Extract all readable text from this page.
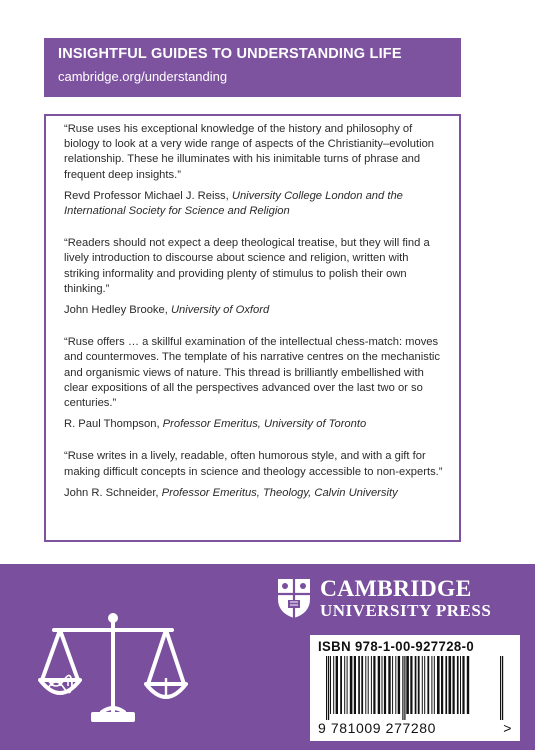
INSIGHTFUL GUIDES TO UNDERSTANDING LIFE
cambridge.org/understanding

“Ruse uses his exceptional knowledge of the history and philosophy of biology to look at a very wide range of aspects of the Christianity–evolution relationship. These he illuminates with his inimitable turns of phrase and frequent deep insights.”

Revd Professor Michael J. Reiss, University College London and the International Society for Science and Religion

“Readers should not expect a deep theological treatise, but they will find a lively introduction to discourse about science and religion, written with striking informality and providing plenty of stimulus to polish their own thinking.”

John Hedley Brooke, University of Oxford

“Ruse offers … a skillful examination of the intellectual chess-match: moves and countermoves. The template of his narrative centres on the mechanistic and organismic views of nature. This thread is brilliantly embellished with clear expositions of all the perspectives advanced over the last two or so centuries.”

R. Paul Thompson, Professor Emeritus, University of Toronto

“Ruse writes in a lively, readable, often humorous style, and with a gift for making difficult concepts in science and theology accessible to non-experts.”

John R. Schneider, Professor Emeritus, Theology, Calvin University
CAMBRIDGE
UNIVERSITY PRESS
ISBN 978-1-00-927728-0
9 781009 277280	>
